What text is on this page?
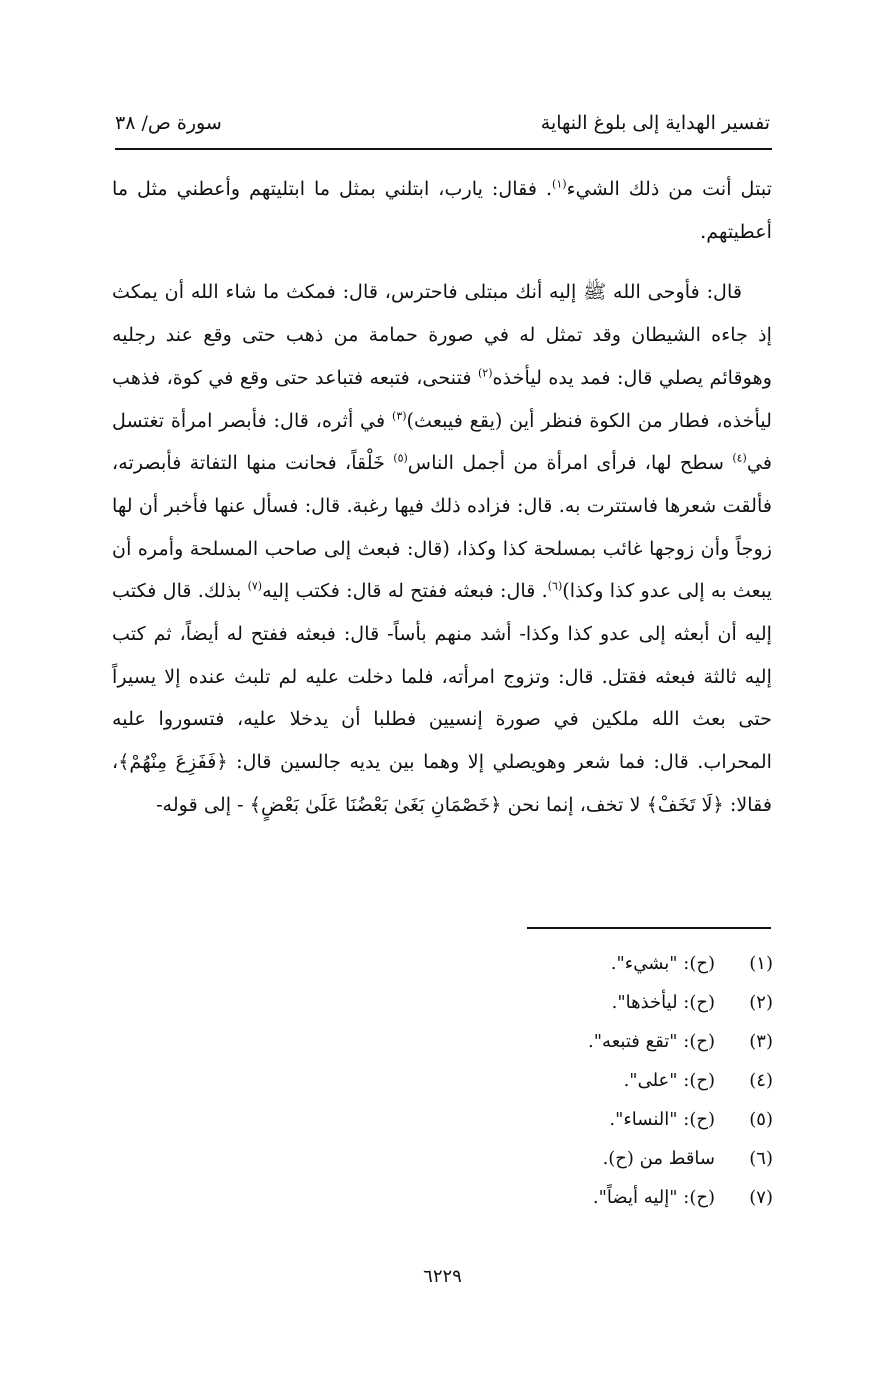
تفسير الهداية إلى بلوغ النهاية
سورة ص/ ٣٨

تبتل أنت من ذلك الشيء$^{(١)}$. فقال: يارب، ابتلني بمثل ما ابتليتهم وأعطني مثل ما أعطيتهم.

قال: فأوحى الله ﷺ إليه أنك مبتلى فاحترس، قال: فمكث ما شاء الله أن يمكث إذ جاءه الشيطان وقد تمثل له في صورة حمامة من ذهب حتى وقع عند رجليه وهوقائم يصلي قال: فمد يده ليأخذه$^{(٢)}$ فتنحى، فتبعه فتباعد حتى وقع في كوة، فذهب ليأخذه، فطار من الكوة فنظر أين (يقع فيبعث)$^{(٣)}$ في أثره، قال: فأبصر امرأة تغتسل في$^{(٤)}$ سطح لها، فرأى امرأة من أجمل الناس$^{(٥)}$ خَلْقاً، فحانت منها التفاتة فأبصرته، فألقت شعرها فاستترت به. قال: فزاده ذلك فيها رغبة. قال: فسأل عنها فأخبر أن لها زوجاً وأن زوجها غائب بمسلحة كذا وكذا، (قال: فبعث إلى صاحب المسلحة وأمره أن يبعث به إلى عدو كذا وكذا)$^{(٦)}$. قال: فبعثه ففتح له قال: فكتب إليه$^{(٧)}$ بذلك. قال فكتب إليه أن أبعثه إلى عدو كذا وكذا- أشد منهم بأساً- قال: فبعثه ففتح له أيضاً، ثم كتب إليه ثالثة فبعثه فقتل. قال: وتزوج امرأته، فلما دخلت عليه لم تلبث عنده إلا يسيراً حتى بعث الله ملكين في صورة إنسيين فطلبا أن يدخلا عليه، فتسوروا عليه المحراب. قال: فما شعر وهويصلي إلا وهما بين يديه جالسين قال: ﴿فَفَزِعَ مِنْهُمْ﴾، فقالا: ﴿لَا تَخَفْ﴾ لا تخف، إنما نحن ﴿خَصْمَانِ بَغَىٰ بَعْضُنَا عَلَىٰ بَعْضٍ﴾ - إلى قوله-

(١)(ح): "بشيء".
(٢)(ح): ليأخذها".
(٣)(ح): "تقع فتبعه".
(٤)(ح): "على".
(٥)(ح): "النساء".
(٦)ساقط من (ح).
(٧)(ح): "إليه أيضاً".
٦٢٢٩
